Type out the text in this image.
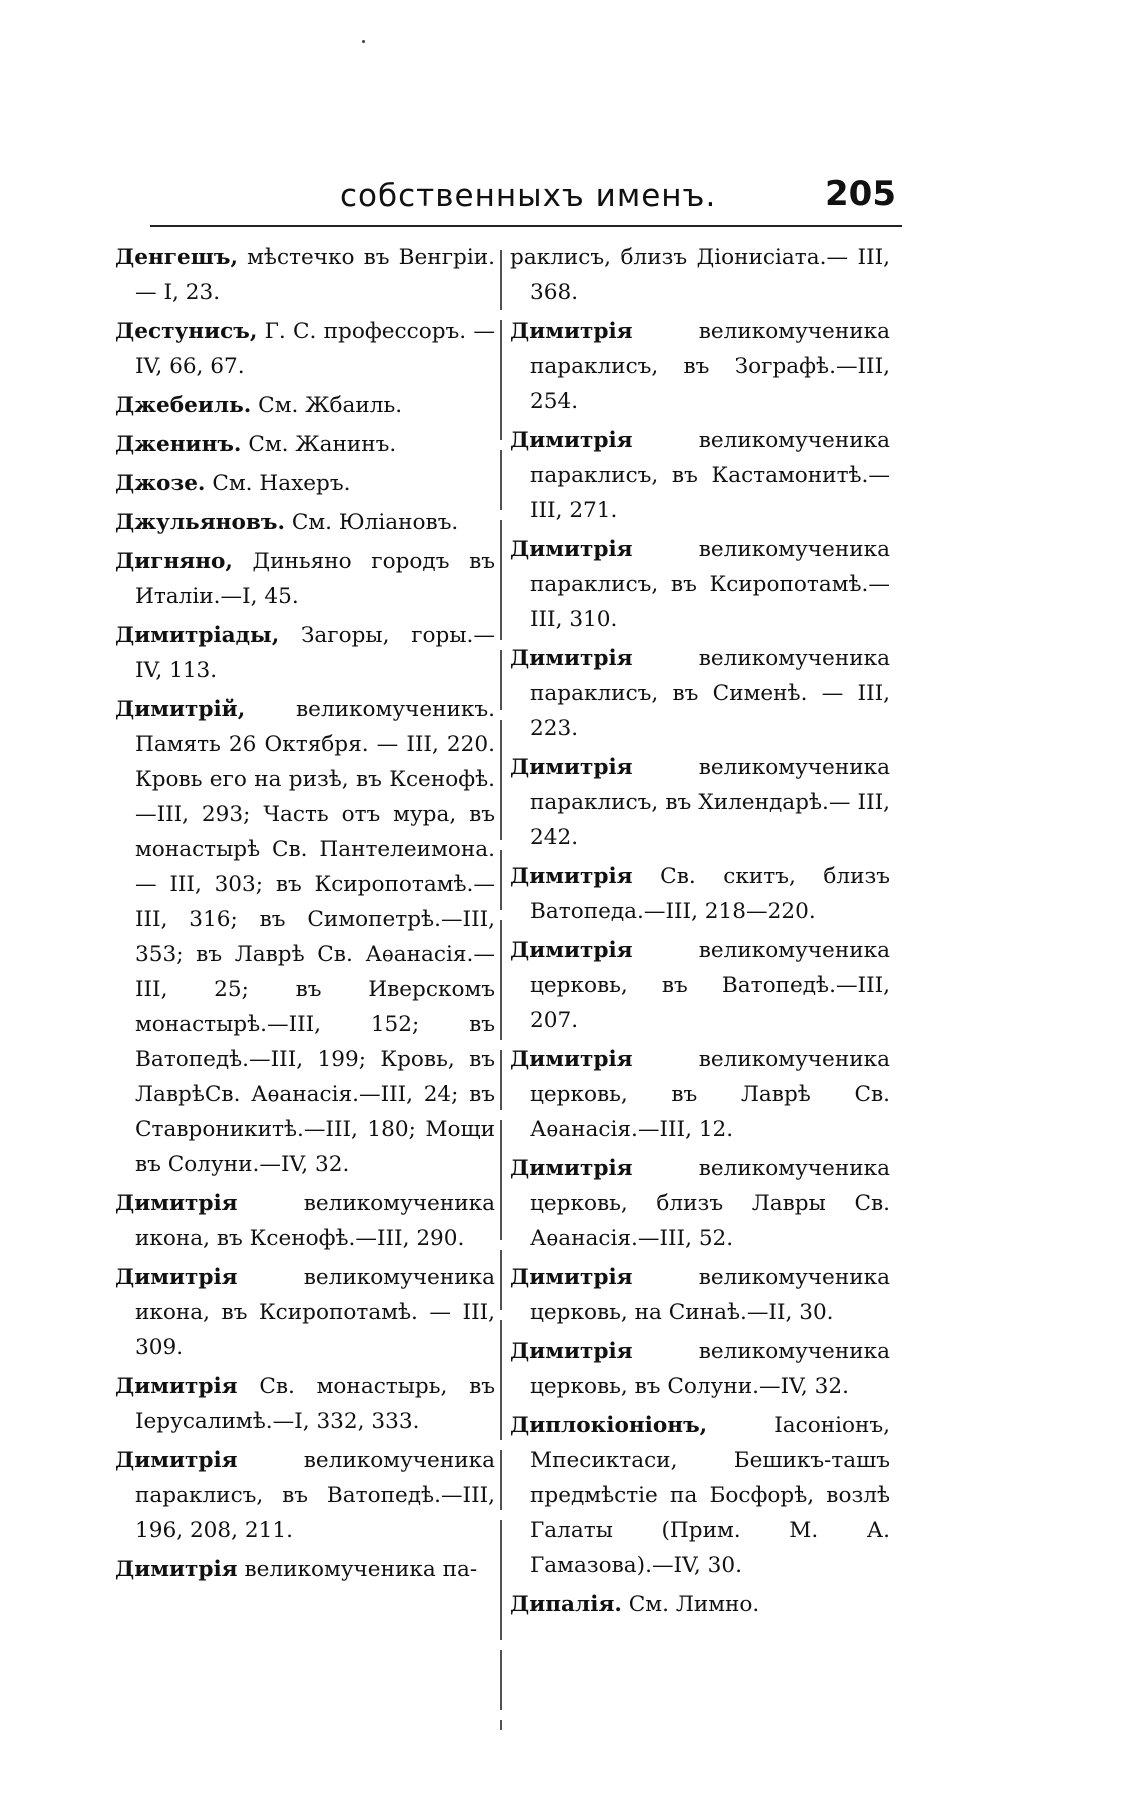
собственныхъ именъ.	205

Денгешъ, мѣстечко въ Венгріи.— I, 23.

Дестунисъ, Г. С. профессоръ. —IV, 66, 67.

Джебеиль. См. Жбаиль.

Дженинъ. См. Жанинъ.

Джозе. См. Нахеръ.

Джульяновъ. См. Юліановъ.

Дигняно, Диньяно городъ въ Италіи.—I, 45.

Димитріады, Загоры, горы.— IV, 113.

Димитрій, великомученикъ. Память 26 Октября. — III, 220. Кровь его на ризѣ, въ Ксенофѣ.—III, 293; Часть отъ мура, въ монастырѣ Св. Пантелеимона. — III, 303; въ Ксиропотамѣ.—III, 316; въ Симопетрѣ.—III, 353; въ Лаврѣ Св. Аѳанасія.— III, 25; въ Иверскомъ монастырѣ.—III, 152; въ Ватопедѣ.—III, 199; Кровь, въ ЛаврѣСв. Аѳанасія.—III, 24; въ Ставроникитѣ.—III, 180; Мощи въ Солуни.—IV, 32.

Димитрія великомученика икона, въ Ксенофѣ.—III, 290.

Димитрія великомученика икона, въ Ксиропотамѣ. — III, 309.

Димитрія Св. монастырь, въ Іерусалимѣ.—I, 332, 333.

Димитрія великомученика параклисъ, въ Ватопедѣ.—III, 196, 208, 211.

Димитрія великомученика па-

раклисъ, близъ Діонисіата.— III, 368.

Димитрія великомученика параклисъ, въ Зографѣ.—III, 254.

Димитрія великомученика параклисъ, въ Кастамонитѣ.— III, 271.

Димитрія великомученика параклисъ, въ Ксиропотамѣ.— III, 310.

Димитрія великомученика параклисъ, въ Сименѣ. — III, 223.

Димитрія великомученика параклисъ, въ Хилендарѣ.— III, 242.

Димитрія Св. скитъ, близъ Ватопеда.—III, 218—220.

Димитрія великомученика церковь, въ Ватопедѣ.—III, 207.

Димитрія великомученика церковь, въ Лаврѣ Св. Аѳанасія.—III, 12.

Димитрія великомученика церковь, близъ Лавры Св. Аѳанасія.—III, 52.

Димитрія великомученика церковь, на Синаѣ.—II, 30.

Димитрія великомученика церковь, въ Солуни.—IV, 32.

Диплокіоніонъ, Іасоніонъ, Мпесиктаси, Бешикъ-ташъ предмѣстіе па Босфорѣ, возлѣ Галаты (Прим. М. А. Гамазова).—IV, 30.

Дипалія. См. Лимно.
